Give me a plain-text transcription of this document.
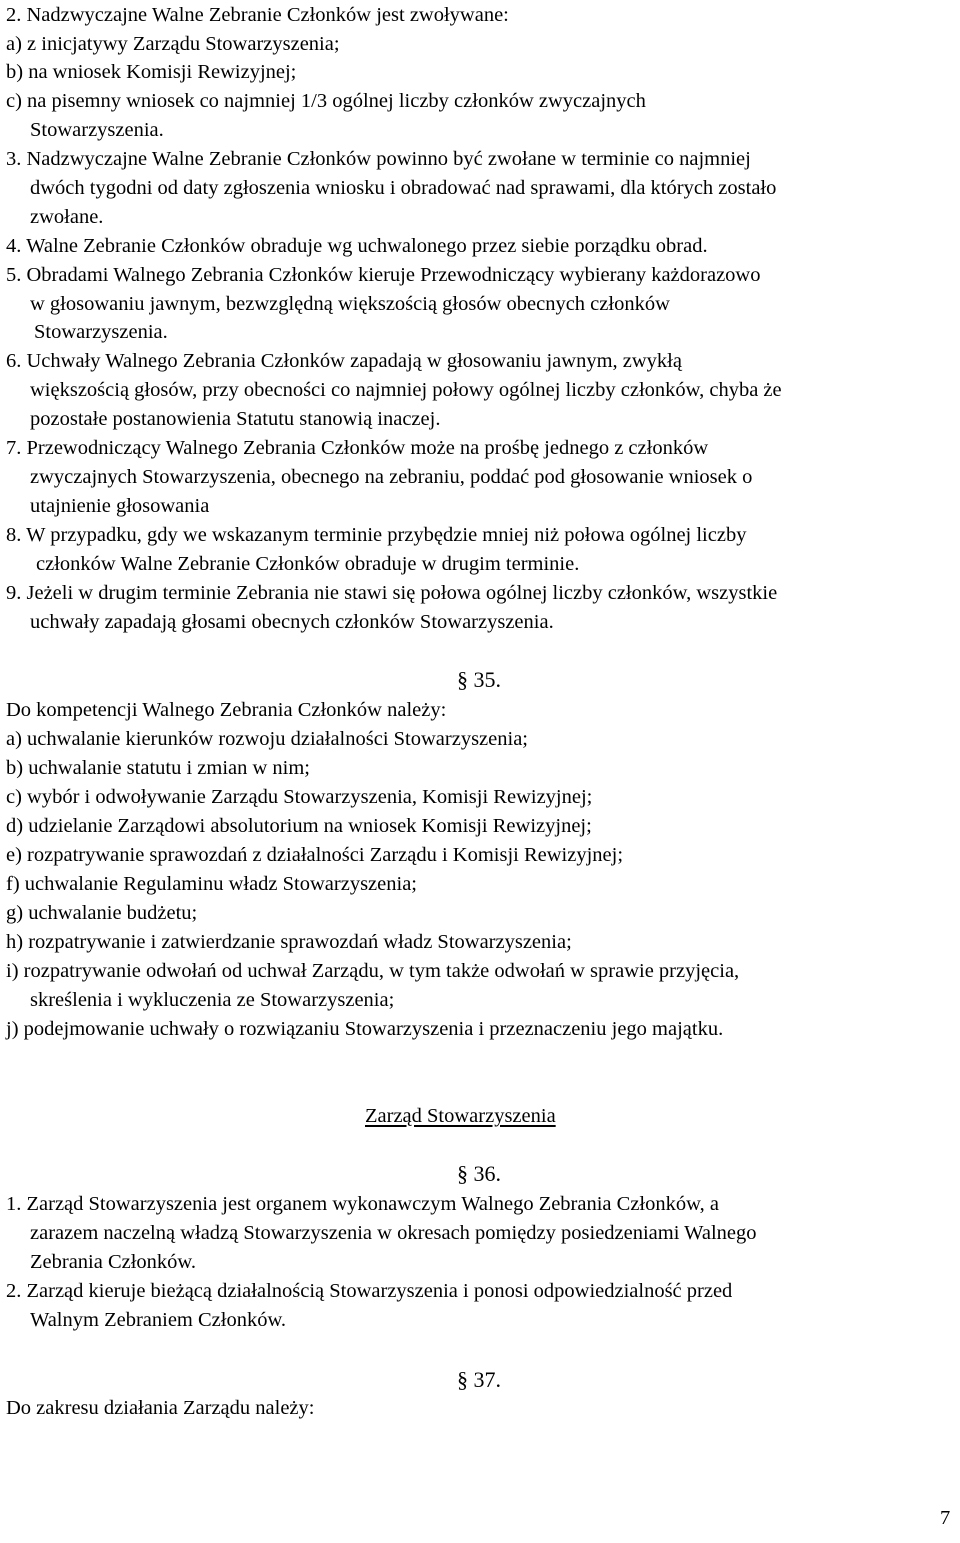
2. Nadzwyczajne Walne Zebranie Członków jest zwoływane:
a) z inicjatywy Zarządu Stowarzyszenia;
b) na wniosek Komisji Rewizyjnej;
c) na pisemny wniosek co najmniej 1/3 ogólnej liczby członków zwyczajnych
Stowarzyszenia.
3. Nadzwyczajne Walne Zebranie Członków powinno być zwołane w terminie co najmniej
dwóch tygodni od daty zgłoszenia wniosku i obradować nad sprawami, dla których zostało
zwołane.
4. Walne Zebranie Członków obraduje wg uchwalonego przez siebie porządku obrad.
5. Obradami Walnego Zebrania Członków kieruje Przewodniczący wybierany każdorazowo
w głosowaniu jawnym, bezwzględną większością głosów obecnych członków
Stowarzyszenia.
6. Uchwały Walnego Zebrania Członków zapadają w głosowaniu jawnym, zwykłą
większością głosów, przy obecności co najmniej połowy ogólnej liczby członków, chyba że
pozostałe postanowienia Statutu stanowią inaczej.
7. Przewodniczący Walnego Zebrania Członków może na prośbę jednego z członków
zwyczajnych Stowarzyszenia, obecnego na zebraniu, poddać pod głosowanie wniosek o
utajnienie głosowania
8. W przypadku, gdy we wskazanym terminie przybędzie mniej niż połowa ogólnej liczby
członków Walne Zebranie Członków obraduje w drugim terminie.
9. Jeżeli w drugim terminie Zebrania nie stawi się połowa ogólnej liczby członków, wszystkie
uchwały zapadają głosami obecnych członków Stowarzyszenia.
§ 35.
Do kompetencji Walnego Zebrania Członków należy:
a) uchwalanie kierunków rozwoju działalności Stowarzyszenia;
b) uchwalanie statutu i zmian w nim;
c) wybór i odwoływanie Zarządu Stowarzyszenia, Komisji Rewizyjnej;
d) udzielanie Zarządowi absolutorium na wniosek Komisji Rewizyjnej;
e) rozpatrywanie sprawozdań z działalności Zarządu i Komisji Rewizyjnej;
f) uchwalanie Regulaminu władz Stowarzyszenia;
g) uchwalanie budżetu;
h) rozpatrywanie i zatwierdzanie sprawozdań władz Stowarzyszenia;
i) rozpatrywanie odwołań od uchwał Zarządu, w tym także odwołań w sprawie przyjęcia,
skreślenia i wykluczenia ze Stowarzyszenia;
j) podejmowanie uchwały o rozwiązaniu Stowarzyszenia i przeznaczeniu jego majątku.
Zarząd Stowarzyszenia
§ 36.
1. Zarząd Stowarzyszenia jest organem wykonawczym Walnego Zebrania Członków, a
zarazem naczelną władzą Stowarzyszenia w okresach pomiędzy posiedzeniami Walnego
Zebrania Członków.
2. Zarząd kieruje bieżącą działalnością Stowarzyszenia i ponosi odpowiedzialność przed
Walnym Zebraniem Członków.
§ 37.
Do zakresu działania Zarządu należy:
7
